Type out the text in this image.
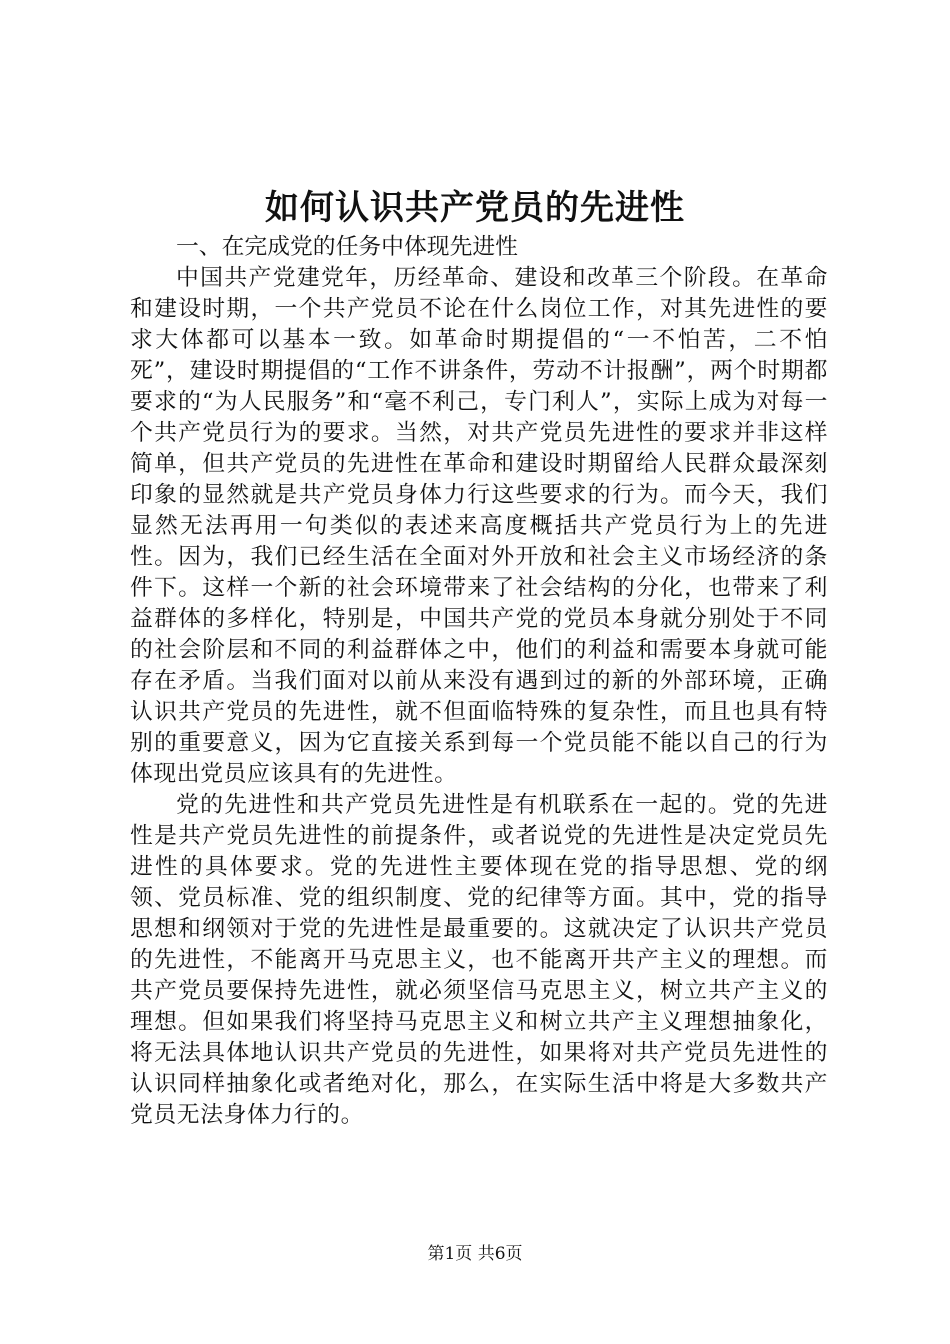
如何认识共产党员的先进性

一、在完成党的任务中体现先进性

中国共产党建党年，历经革命、建设和改革三个阶段。在革命和建设时期，一个共产党员不论在什么岗位工作，对其先进性的要求大体都可以基本一致。如革命时期提倡的“一不怕苦，二不怕死”，建设时期提倡的“工作不讲条件，劳动不计报酬”，两个时期都要求的“为人民服务”和“毫不利己，专门利人”，实际上成为对每一个共产党员行为的要求。当然，对共产党员先进性的要求并非这样简单，但共产党员的先进性在革命和建设时期留给人民群众最深刻印象的显然就是共产党员身体力行这些要求的行为。而今天，我们显然无法再用一句类似的表述来高度概括共产党员行为上的先进性。因为，我们已经生活在全面对外开放和社会主义市场经济的条件下。这样一个新的社会环境带来了社会结构的分化，也带来了利益群体的多样化，特别是，中国共产党的党员本身就分别处于不同的社会阶层和不同的利益群体之中，他们的利益和需要本身就可能存在矛盾。当我们面对以前从来没有遇到过的新的外部环境，正确认识共产党员的先进性，就不但面临特殊的复杂性，而且也具有特别的重要意义，因为它直接关系到每一个党员能不能以自己的行为体现出党员应该具有的先进性。

党的先进性和共产党员先进性是有机联系在一起的。党的先进性是共产党员先进性的前提条件，或者说党的先进性是决定党员先进性的具体要求。党的先进性主要体现在党的指导思想、党的纲领、党员标准、党的组织制度、党的纪律等方面。其中，党的指导思想和纲领对于党的先进性是最重要的。这就决定了认识共产党员的先进性，不能离开马克思主义，也不能离开共产主义的理想。而共产党员要保持先进性，就必须坚信马克思主义，树立共产主义的理想。但如果我们将坚持马克思主义和树立共产主义理想抽象化，将无法具体地认识共产党员的先进性，如果将对共产党员先进性的认识同样抽象化或者绝对化，那么，在实际生活中将是大多数共产党员无法身体力行的。

第1页 共6页
